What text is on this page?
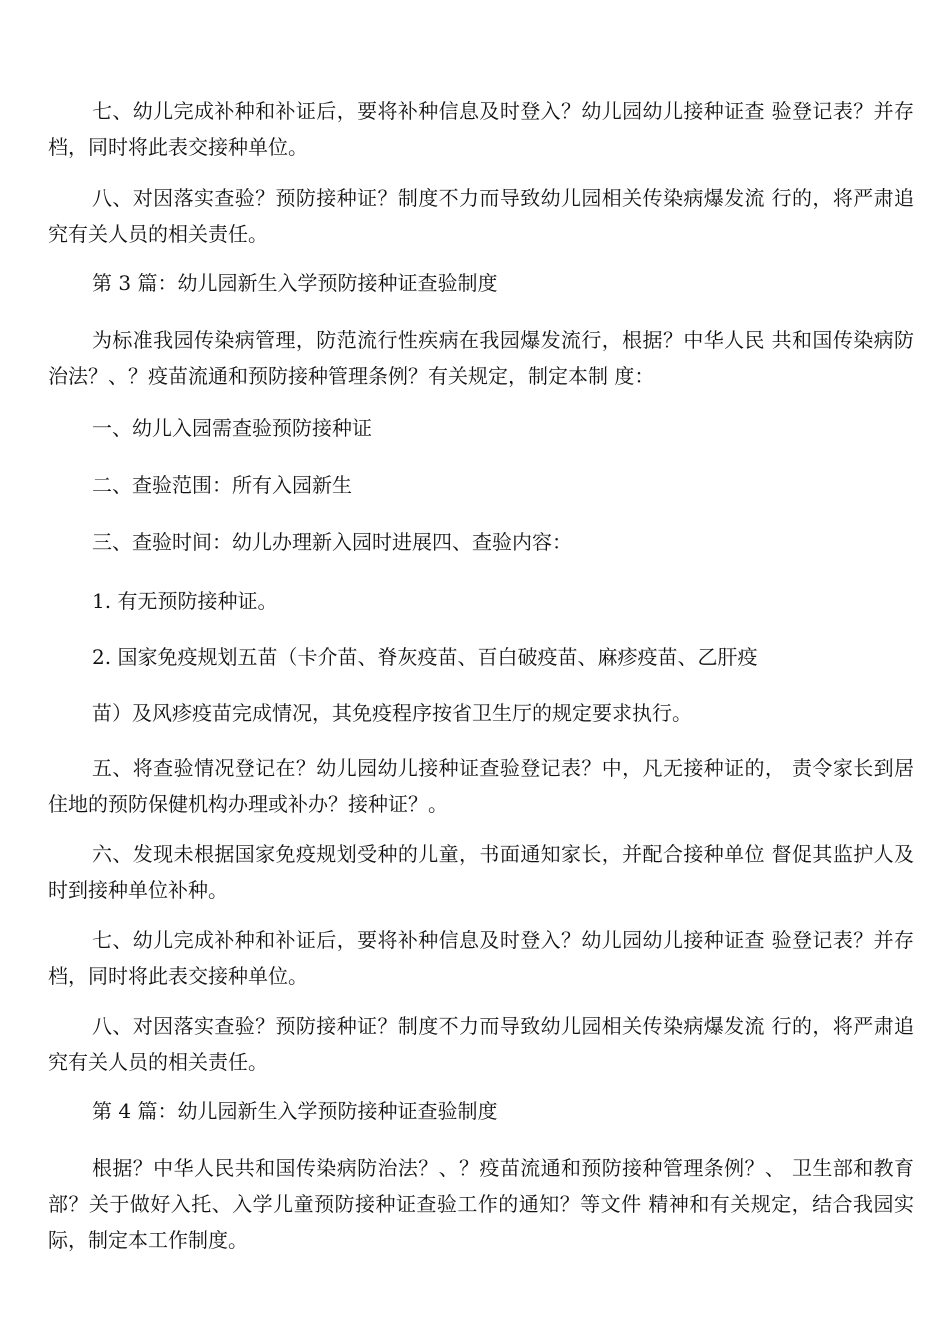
七、幼儿完成补种和补证后，要将补种信息及时登入？幼儿园幼儿接种证查 验登记表？并存档，同时将此表交接种单位。

八、对因落实查验？预防接种证？制度不力而导致幼儿园相关传染病爆发流 行的，将严肃追究有关人员的相关责任。

第 3 篇：幼儿园新生入学预防接种证查验制度

为标准我园传染病管理，防范流行性疾病在我园爆发流行，根据？中华人民 共和国传染病防治法？、？疫苗流通和预防接种管理条例？有关规定，制定本制 度：

一、幼儿入园需查验预防接种证

二、查验范围：所有入园新生

三、查验时间：幼儿办理新入园时进展四、查验内容：

1. 有无预防接种证。

2. 国家免疫规划五苗（卡介苗、脊灰疫苗、百白破疫苗、麻疹疫苗、乙肝疫

苗）及风疹疫苗完成情况，其免疫程序按省卫生厅的规定要求执行。

五、将查验情况登记在？幼儿园幼儿接种证查验登记表？中，凡无接种证的， 责令家长到居住地的预防保健机构办理或补办？接种证？。

六、发现未根据国家免疫规划受种的儿童，书面通知家长，并配合接种单位 督促其监护人及时到接种单位补种。

七、幼儿完成补种和补证后，要将补种信息及时登入？幼儿园幼儿接种证查 验登记表？并存档，同时将此表交接种单位。

八、对因落实查验？预防接种证？制度不力而导致幼儿园相关传染病爆发流 行的，将严肃追究有关人员的相关责任。

第 4 篇：幼儿园新生入学预防接种证查验制度

根据？中华人民共和国传染病防治法？、？疫苗流通和预防接种管理条例？、 卫生部和教育部？关于做好入托、入学儿童预防接种证查验工作的通知？等文件 精神和有关规定，结合我园实际，制定本工作制度。
